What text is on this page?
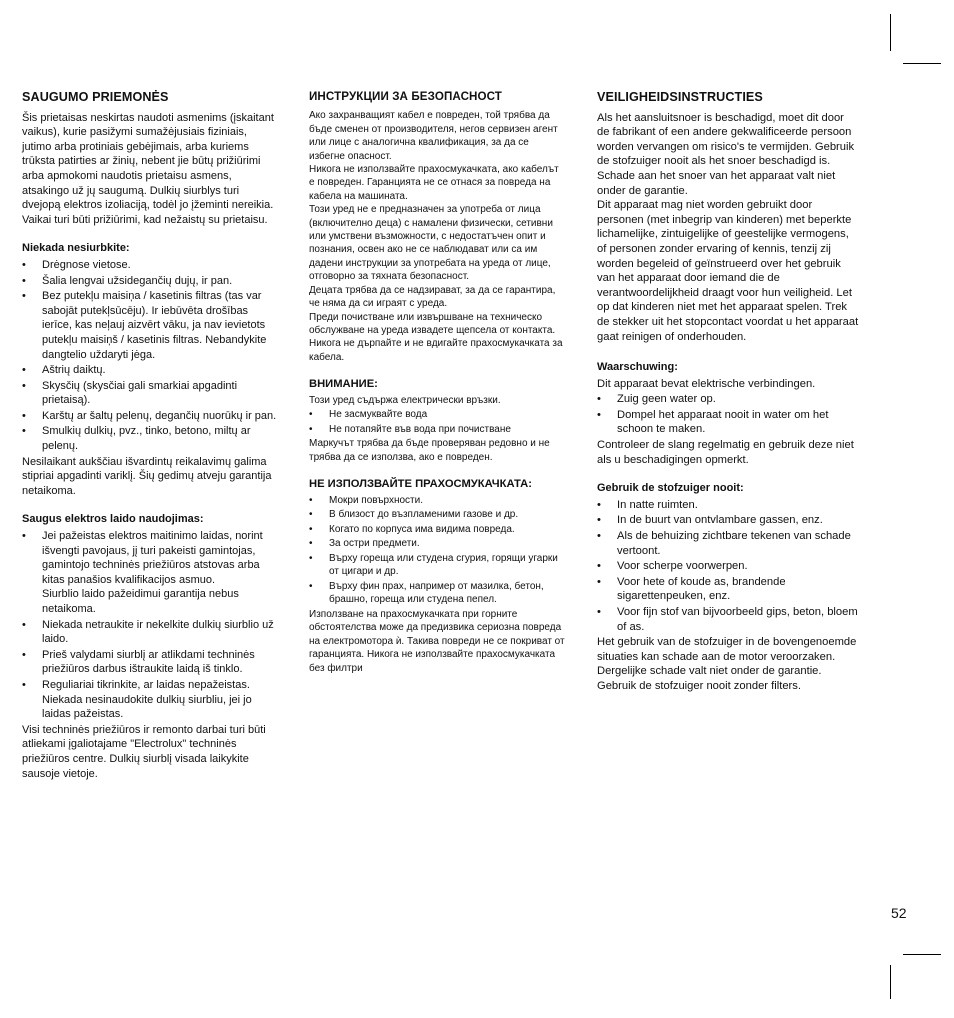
SAUGUMO PRIEMONĖS

Šis prietaisas neskirtas naudoti asmenims (įskaitant vaikus), kurie pasižymi sumažėjusiais fiziniais, jutimo arba protiniais gebėjimais, arba kuriems trūksta patirties ar žinių, nebent jie būtų prižiūrimi arba apmokomi naudotis prietaisu asmens, atsakingo už jų saugumą. Dulkių siurblys turi dvejopą elektros izoliaciją, todėl jo įžeminti nereikia. Vaikai turi būti prižiūrimi, kad nežaistų su prietaisu.

Niekada nesiurbkite:
• Drėgnose vietose.
• Šalia lengvai užsidegančių dujų, ir pan.
• Bez putekļu maisiņa / kasetinis filtras (tas var sabojāt putekļsūcēju). Ir iebūvēta drošības ierīce, kas neļauj aizvērt vāku, ja nav ievietots putekļu maisiņš / kasetinis filtras. Nebandykite dangtelio uždaryti jėga.
• Aštrių daiktų.
• Skysčių (skysčiai gali smarkiai apgadinti prietaisą).
• Karštų ar šaltų pelenų, degančių nuorūkų ir pan.
• Smulkių dulkių, pvz., tinko, betono, miltų ar pelenų.

Nesilaikant aukščiau išvardintų reikalavimų galima stipriai apgadinti variklį. Šių gedimų atveju garantija netaikoma.

Saugus elektros laido naudojimas:
• Jei pažeistas elektros maitinimo laidas, norint išvengti pavojaus, jį turi pakeisti gamintojas, gamintojo techninės priežiūros atstovas arba kitas panašios kvalifikacijos asmuo.
Siurblio laido pažeidimui garantija nebus netaikoma.
• Niekada netraukite ir nekelkite dulkių siurblio už laido.
• Prieš valydami siurblį ar atlikdami techninės priežiūros darbus ištraukite laidą iš tinklo.
• Reguliariai tikrinkite, ar laidas nepažeistas. Niekada nesinaudokite dulkių siurbliu, jei jo laidas pažeistas.

Visi techninės priežiūros ir remonto darbai turi būti atliekami įgaliotajame "Electrolux" techninės priežiūros centre. Dulkių siurblį visada laikykite sausoje vietoje.

ИНСТРУКЦИИ ЗА БЕЗОПАСНОСТ

Ако захранващият кабел е повреден, той трябва да бъде сменен от производителя, негов сервизен агент или лице с аналогична квалификация, за да се избегне опасност.
Никога не използвайте прахосмукачката, ако кабелът е повреден. Гаранцията не се отнася за повреда на кабела на машината.
Този уред не е предназначен за употреба от лица (включително деца) с намалени физически, сетивни или умствени възможности, с недостатъчен опит и познания, освен ако не се наблюдават или са им дадени инструкции за употребата на уреда от лице, отговорно за тяхната безопасност.
Децата трябва да се надзирават, за да се гарантира, че няма да си играят с уреда.
Преди почистване или извършване на техническо обслужване на уреда извадете щепсела от контакта. Никога не дърпайте и не вдигайте прахосмукачката за кабела.

ВНИМАНИЕ:

Този уред съдържа електрически връзки.

• Не засмуквайте вода
• Не потапяйте във вода при почистване

Маркучът трябва да бъде проверяван редовно и не трябва да се използва, ако е повреден.

НЕ ИЗПОЛЗВАЙТЕ ПРАХОСМУКАЧКАТА:
• Мокри повърхности.
• В близост до възпламеними газове и др.
• Когато по корпуса има видима повреда.
• За остри предмети.
• Върху гореща или студена сгурия, горящи угарки от цигари и др.
• Върху фин прах, например от мазилка, бетон, брашно, гореща или студена пепел.

Използване на прахосмукачката при горните обстоятелства може да предизвика сериозна повреда на електромотора ѝ. Такива повреди не се покриват от гаранцията. Никога не използвайте прахосмукачката без филтри

VEILIGHEIDSINSTRUCTIES

Als het aansluitsnoer is beschadigd, moet dit door de fabrikant of een andere gekwalificeerde persoon worden vervangen om risico's te vermijden. Gebruik de stofzuiger nooit als het snoer beschadigd is. Schade aan het snoer van het apparaat valt niet onder de garantie.
Dit apparaat mag niet worden gebruikt door personen (met inbegrip van kinderen) met beperkte lichamelijke, zintuigelijke of geestelijke vermogens, of personen zonder ervaring of kennis, tenzij zij worden begeleid of geïnstrueerd over het gebruik van het apparaat door iemand die de verantwoordelijkheid draagt voor hun veiligheid. Let op dat kinderen niet met het apparaat spelen. Trek de stekker uit het stopcontact voordat u het apparaat gaat reinigen of onderhouden.

Waarschuwing:

Dit apparaat bevat elektrische verbindingen.

• Zuig geen water op.
• Dompel het apparaat nooit in water om het schoon te maken.

Controleer de slang regelmatig en gebruik deze niet als u beschadigingen opmerkt.

Gebruik de stofzuiger nooit:
• In natte ruimten.
• In de buurt van ontvlambare gassen, enz.
• Als de behuizing zichtbare tekenen van schade vertoont.
• Voor scherpe voorwerpen.
• Voor hete of koude as, brandende sigarettenpeuken, enz.
• Voor fijn stof van bijvoorbeeld gips, beton, bloem of as.

Het gebruik van de stofzuiger in de bovengenoemde situaties kan schade aan de motor veroorzaken. Dergelijke schade valt niet onder de garantie. Gebruik de stofzuiger nooit zonder filters.

52
